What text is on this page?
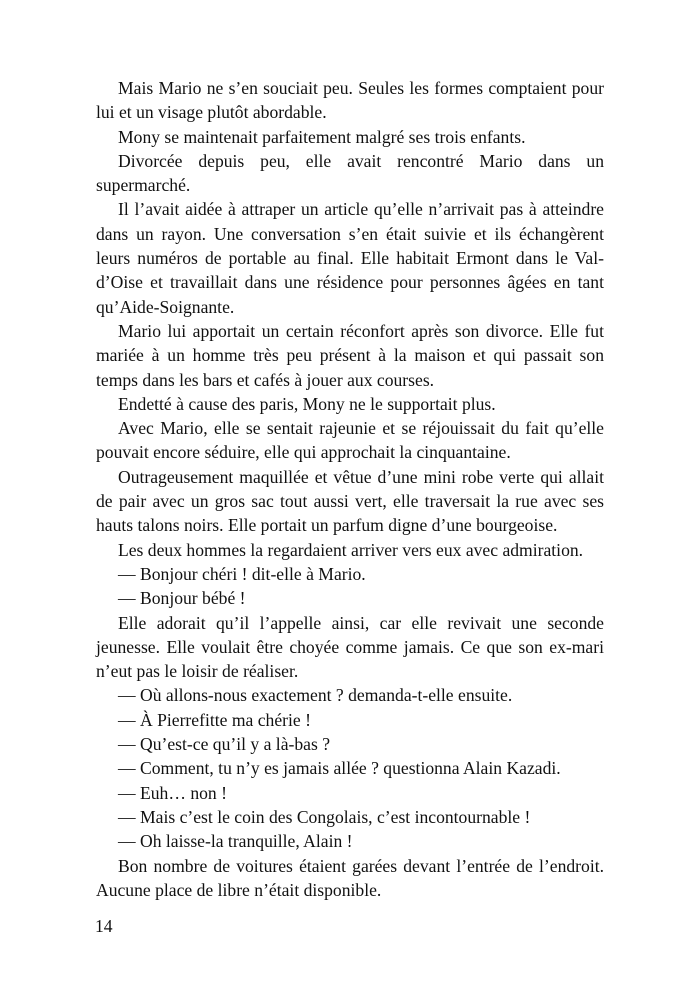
Mais Mario ne s’en souciait peu. Seules les formes comptaient pour lui et un visage plutôt abordable.

Mony se maintenait parfaitement malgré ses trois enfants.

Divorcée depuis peu, elle avait rencontré Mario dans un supermarché.

Il l’avait aidée à attraper un article qu’elle n’arrivait pas à atteindre dans un rayon. Une conversation s’en était suivie et ils échangèrent leurs numéros de portable au final. Elle habitait Ermont dans le Val-d’Oise et travaillait dans une résidence pour personnes âgées en tant qu’Aide-Soignante.

Mario lui apportait un certain réconfort après son divorce. Elle fut mariée à un homme très peu présent à la maison et qui passait son temps dans les bars et cafés à jouer aux courses.

Endetté à cause des paris, Mony ne le supportait plus.

Avec Mario, elle se sentait rajeunie et se réjouissait du fait qu’elle pouvait encore séduire, elle qui approchait la cinquantaine.

Outrageusement maquillée et vêtue d’une mini robe verte qui allait de pair avec un gros sac tout aussi vert, elle traversait la rue avec ses hauts talons noirs. Elle portait un parfum digne d’une bourgeoise.

Les deux hommes la regardaient arriver vers eux avec admiration.

— Bonjour chéri ! dit-elle à Mario.

— Bonjour bébé !

Elle adorait qu’il l’appelle ainsi, car elle revivait une seconde jeunesse. Elle voulait être choyée comme jamais. Ce que son ex-mari n’eut pas le loisir de réaliser.

— Où allons-nous exactement ? demanda-t-elle ensuite.

— À Pierrefitte ma chérie !

— Qu’est-ce qu’il y a là-bas ?

— Comment, tu n’y es jamais allée ? questionna Alain Kazadi.

— Euh… non !

— Mais c’est le coin des Congolais, c’est incontournable !

— Oh laisse-la tranquille, Alain !

Bon nombre de voitures étaient garées devant l’entrée de l’endroit. Aucune place de libre n’était disponible.

14
